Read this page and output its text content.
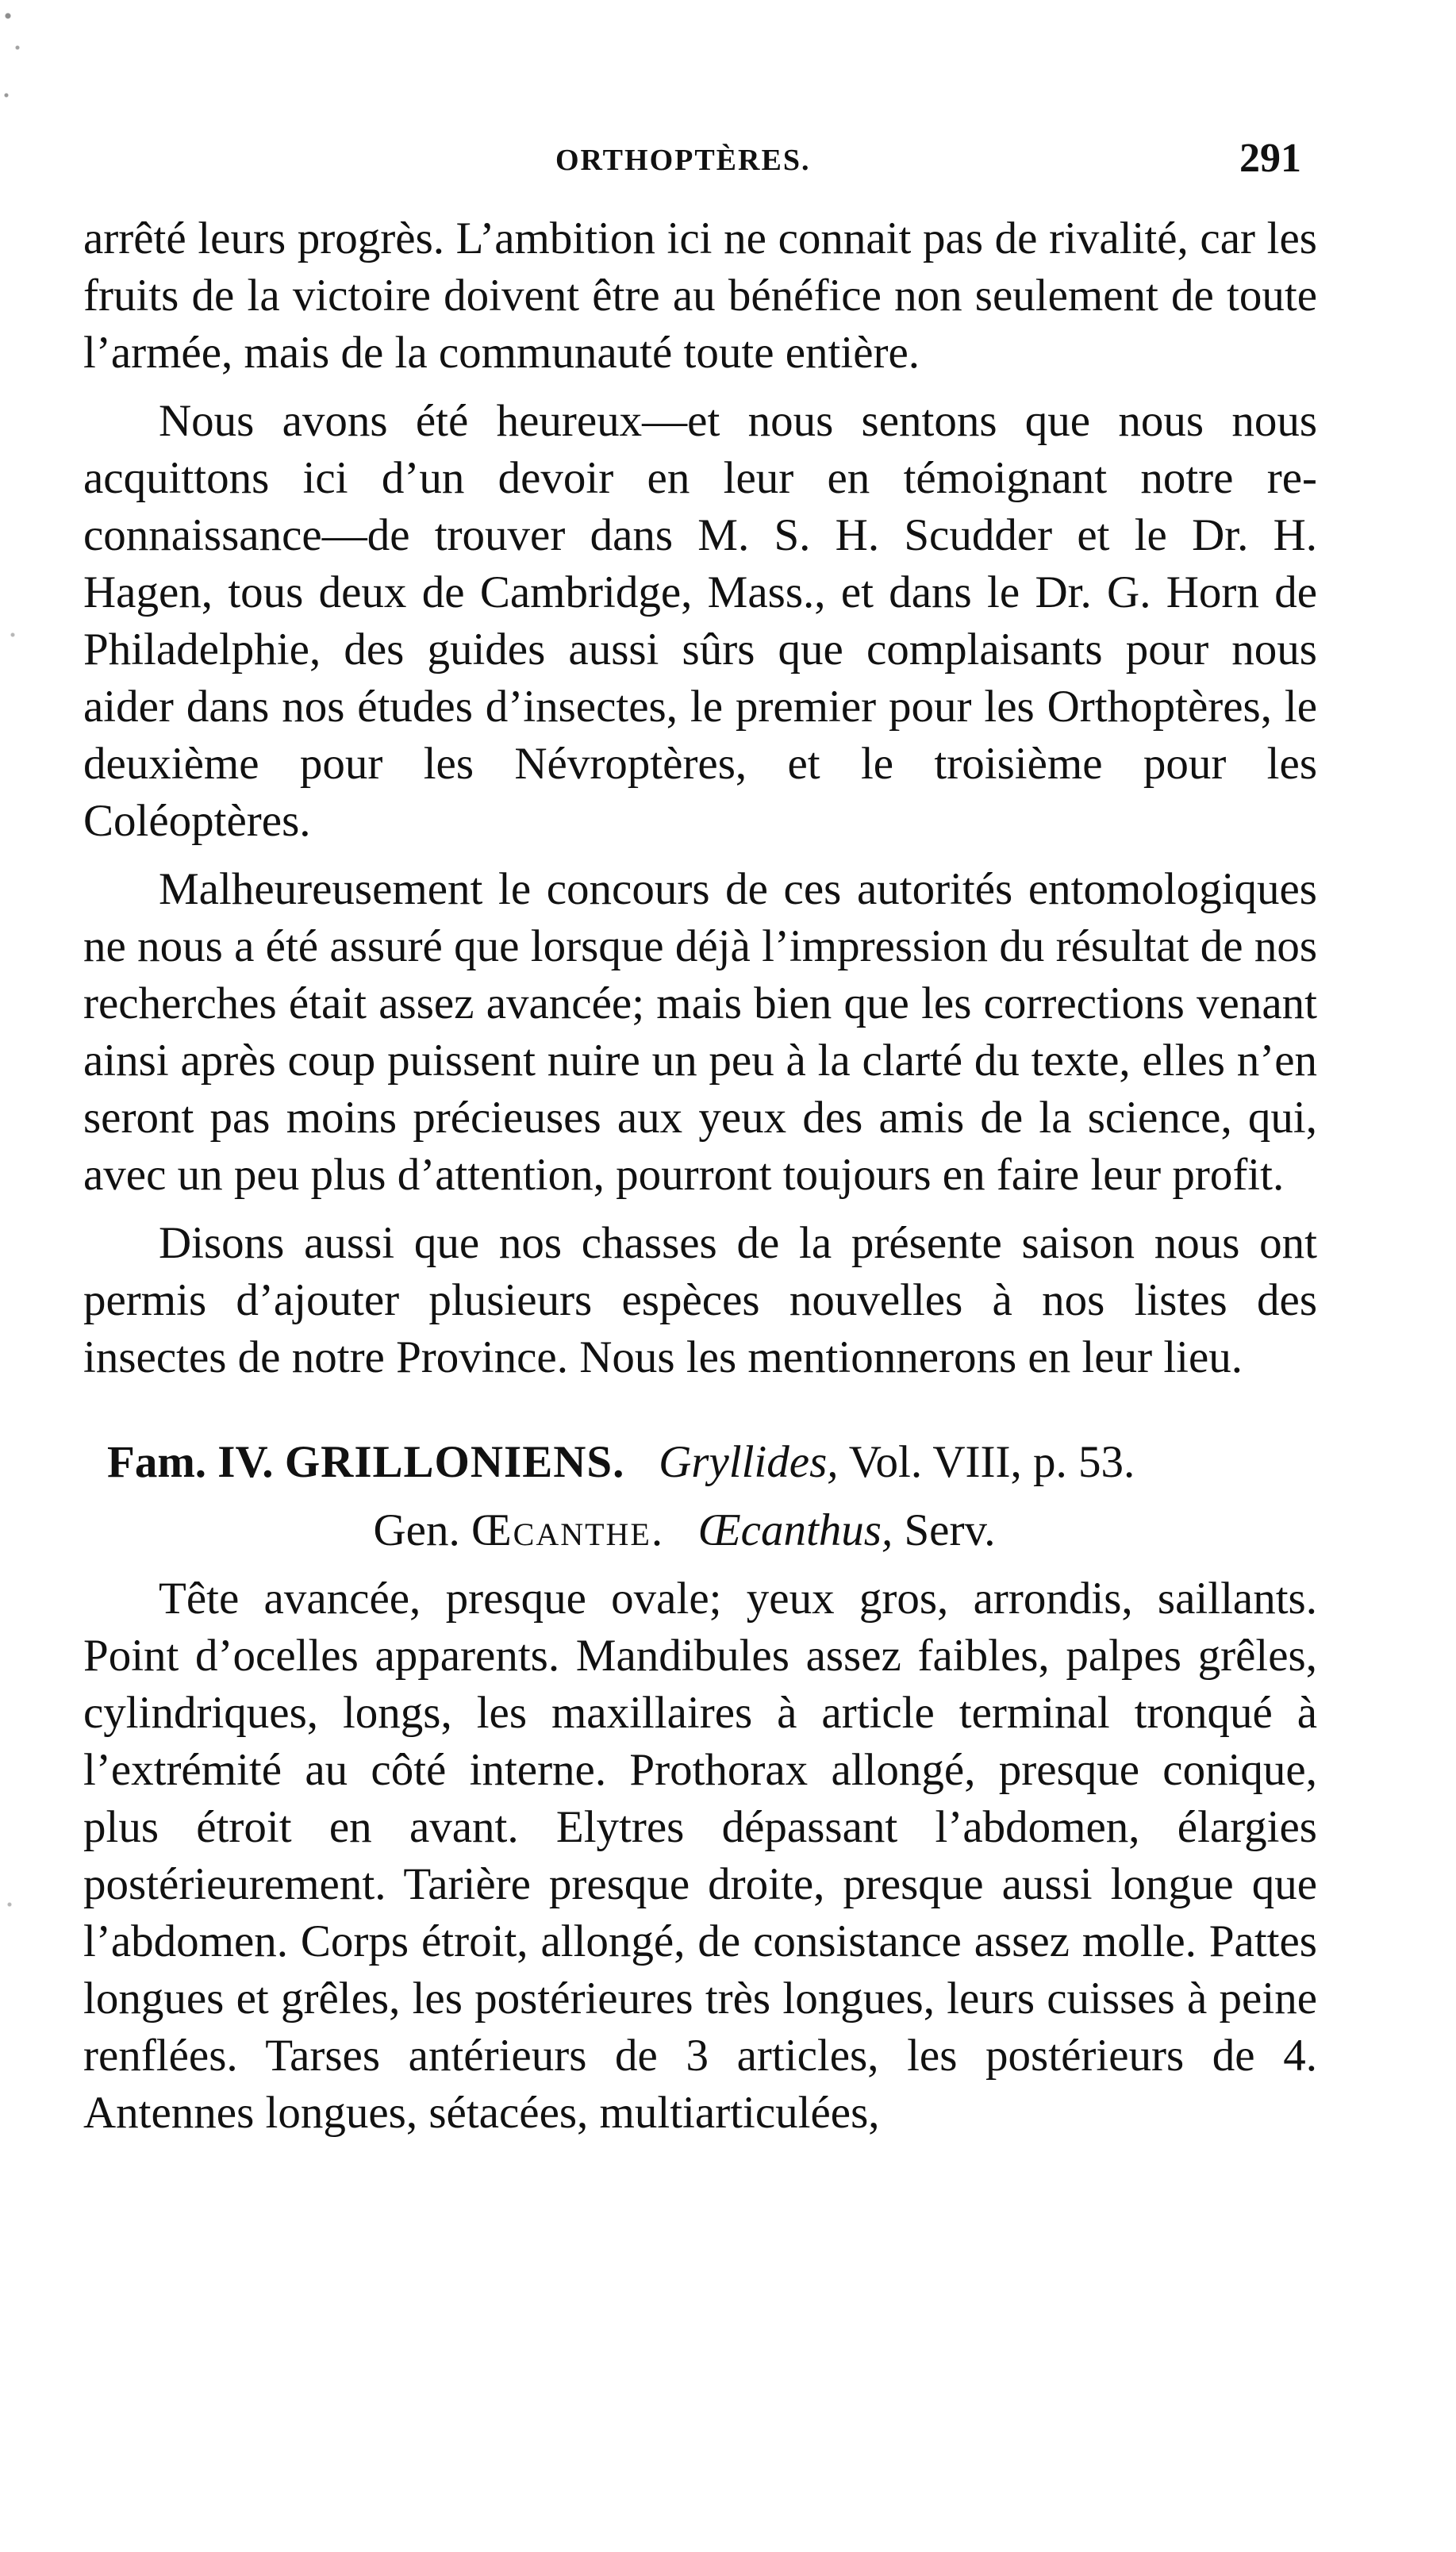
ORTHOPTÈRES.	291

arrêté leurs progrès. L’ambition ici ne connait pas de rivalité, car les fruits de la victoire doivent être au bénéfice non seulement de toute l’armée, mais de la communauté toute entière.

Nous avons été heureux—et nous sentons que nous nous acquittons ici d’un devoir en leur en témoignant notre reconnaissance—de trouver dans M. S. H. Scudder et le Dr. H. Hagen, tous deux de Cambridge, Mass., et dans le Dr. G. Horn de Philadelphie, des guides aussi sûrs que complaisants pour nous aider dans nos études d’insectes, le premier pour les Orthoptères, le deuxième pour les Névroptères, et le troisième pour les Coléoptères.

Malheureusement le concours de ces autorités entomologiques ne nous a été assuré que lorsque déjà l’impression du résultat de nos recherches était assez avancée; mais bien que les corrections venant ainsi après coup puissent nuire un peu à la clarté du texte, elles n’en seront pas moins précieuses aux yeux des amis de la science, qui, avec un peu plus d’attention, pourront toujours en faire leur profit.

Disons aussi que nos chasses de la présente saison nous ont permis d’ajouter plusieurs espèces nouvelles à nos listes des insectes de notre Province. Nous les mentionnerons en leur lieu.

Fam. IV. GRILLONIENS. Gryllides, Vol. VIII, p. 53.

Gen. Œcanthe. Œcanthus, Serv.

Tête avancée, presque ovale; yeux gros, arrondis, saillants. Point d’ocelles apparents. Mandibules assez faibles, palpes grêles, cylindriques, longs, les maxillaires à article terminal tronqué à l’extrémité au côté interne. Prothorax allongé, presque conique, plus étroit en avant. Elytres dépassant l’abdomen, élargies postérieurement. Tarière presque droite, presque aussi longue que l’abdomen. Corps étroit, allongé, de consistance assez molle. Pattes longues et grêles, les postérieures très longues, leurs cuisses à peine renflées. Tarses antérieurs de 3 articles, les postérieurs de 4. Antennes longues, sétacées, multiarticulées,
